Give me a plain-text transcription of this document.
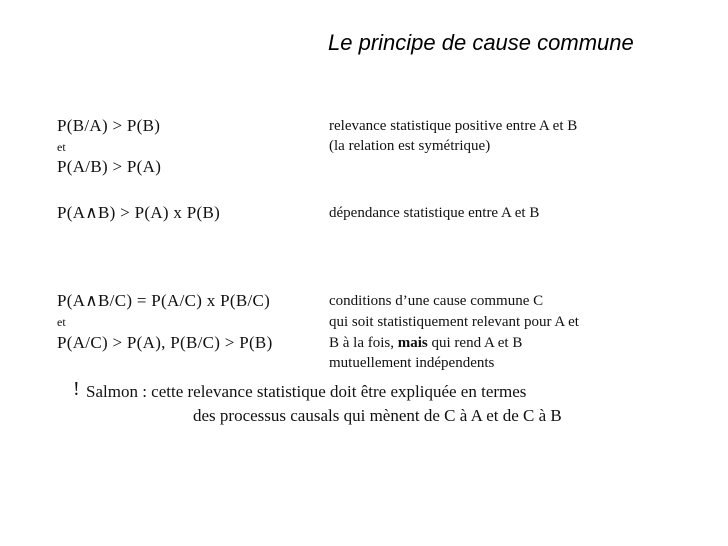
Le principe de cause commune
P(B/A) > P(B)
et
P(A/B) > P(A)
relevance statistique positive entre A et B
(la relation est symétrique)
P(A∧B) > P(A) x P(B)	dépendance statistique entre A et B
P(A∧B/C) = P(A/C) x P(B/C)
et
P(A/C) > P(A), P(B/C) > P(B)
conditions d’une cause commune C
qui soit statistiquement relevant pour A et
B à la fois, mais qui rend A et B
mutuellement indépendents
! Salmon : cette relevance statistique doit être expliquée en termes
des processus causals qui mènent de C à A et de C à B
